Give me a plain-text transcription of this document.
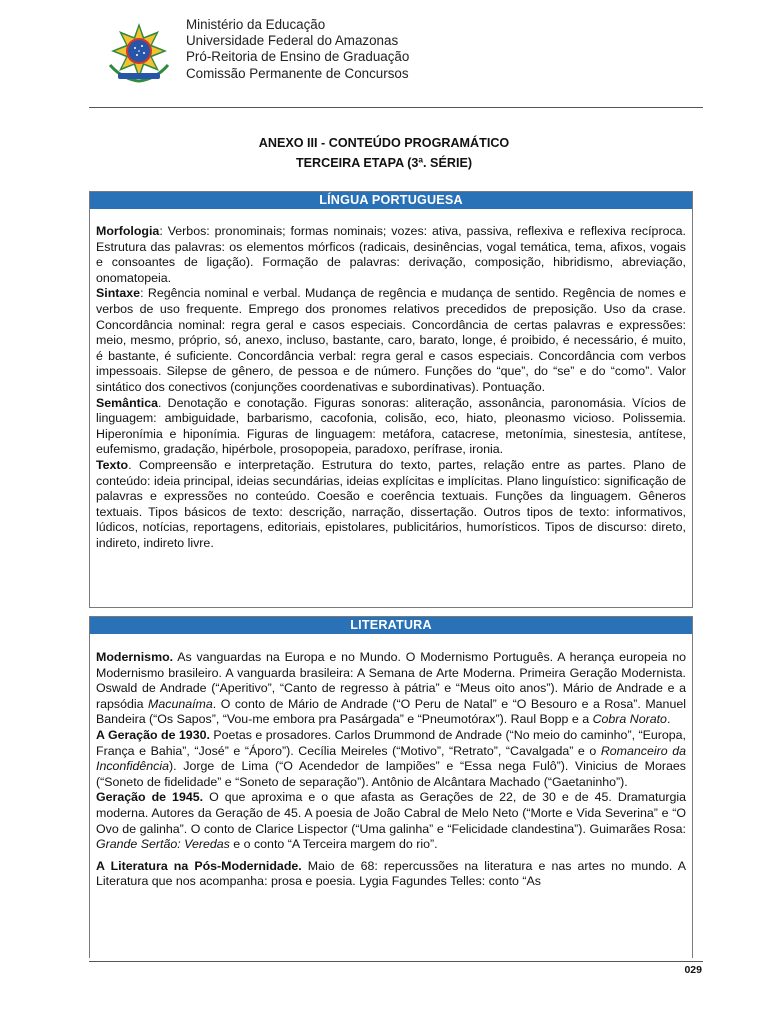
Ministério da Educação
Universidade Federal do Amazonas
Pró-Reitoria de Ensino de Graduação
Comissão Permanente de Concursos
ANEXO III - CONTEÚDO PROGRAMÁTICO
TERCEIRA ETAPA (3ª. SÉRIE)
LÍNGUA PORTUGUESA

Morfologia: Verbos: pronominais; formas nominais; vozes: ativa, passiva, reflexiva e reflexiva recíproca. Estrutura das palavras: os elementos mórficos (radicais, desinências, vogal temática, tema, afixos, vogais e consoantes de ligação). Formação de palavras: derivação, composição, hibridismo, abreviação, onomatopeia.

Sintaxe: Regência nominal e verbal. Mudança de regência e mudança de sentido. Regência de nomes e verbos de uso frequente. Emprego dos pronomes relativos precedidos de preposição. Uso da crase. Concordância nominal: regra geral e casos especiais. Concordância de certas palavras e expressões: meio, mesmo, próprio, só, anexo, incluso, bastante, caro, barato, longe, é proibido, é necessário, é muito, é bastante, é suficiente. Concordância verbal: regra geral e casos especiais. Concordância com verbos impessoais. Silepse de gênero, de pessoa e de número. Funções do “que”, do “se” e do “como”. Valor sintático dos conectivos (conjunções coordenativas e subordinativas). Pontuação.

Semântica. Denotação e conotação. Figuras sonoras: aliteração, assonância, paronomásia. Vícios de linguagem: ambiguidade, barbarismo, cacofonia, colisão, eco, hiato, pleonasmo vicioso. Polissemia. Hiperonímia e hiponímia. Figuras de linguagem: metáfora, catacrese, metonímia, sinestesia, antítese, eufemismo, gradação, hipérbole, prosopopeia, paradoxo, perífrase, ironia.

Texto. Compreensão e interpretação. Estrutura do texto, partes, relação entre as partes. Plano de conteúdo: ideia principal, ideias secundárias, ideias explícitas e implícitas. Plano linguístico: significação de palavras e expressões no conteúdo. Coesão e coerência textuais. Funções da linguagem. Gêneros textuais. Tipos básicos de texto: descrição, narração, dissertação. Outros tipos de texto: informativos, lúdicos, notícias, reportagens, editoriais, epistolares, publicitários, humorísticos. Tipos de discurso: direto, indireto, indireto livre.

LITERATURA

Modernismo. As vanguardas na Europa e no Mundo. O Modernismo Português. A herança europeia no Modernismo brasileiro. A vanguarda brasileira: A Semana de Arte Moderna. Primeira Geração Modernista. Oswald de Andrade (“Aperitivo”, “Canto de regresso à pátria” e “Meus oito anos”). Mário de Andrade e a rapsódia Macunaíma. O conto de Mário de Andrade (“O Peru de Natal” e “O Besouro e a Rosa”. Manuel Bandeira (“Os Sapos”, “Vou-me embora pra Pasárgada” e “Pneumotórax”). Raul Bopp e a Cobra Norato.

A Geração de 1930. Poetas e prosadores. Carlos Drummond de Andrade (“No meio do caminho”, “Europa, França e Bahia”, “José” e “Áporo”). Cecília Meireles (“Motivo”, “Retrato”, “Cavalgada” e o Romanceiro da Inconfidência). Jorge de Lima (“O Acendedor de lampiões” e “Essa nega Fulô”). Vinicius de Moraes (“Soneto de fidelidade” e “Soneto de separação”). Antônio de Alcântara Machado (“Gaetaninho”).

Geração de 1945. O que aproxima e o que afasta as Gerações de 22, de 30 e de 45. Dramaturgia moderna. Autores da Geração de 45. A poesia de João Cabral de Melo Neto (“Morte e Vida Severina” e “O Ovo de galinha”. O conto de Clarice Lispector (“Uma galinha” e “Felicidade clandestina”). Guimarães Rosa: Grande Sertão: Veredas e o conto “A Terceira margem do rio”.

A Literatura na Pós-Modernidade. Maio de 68: repercussões na literatura e nas artes no mundo. A Literatura que nos acompanha: prosa e poesia. Lygia Fagundes Telles: conto “As

029
